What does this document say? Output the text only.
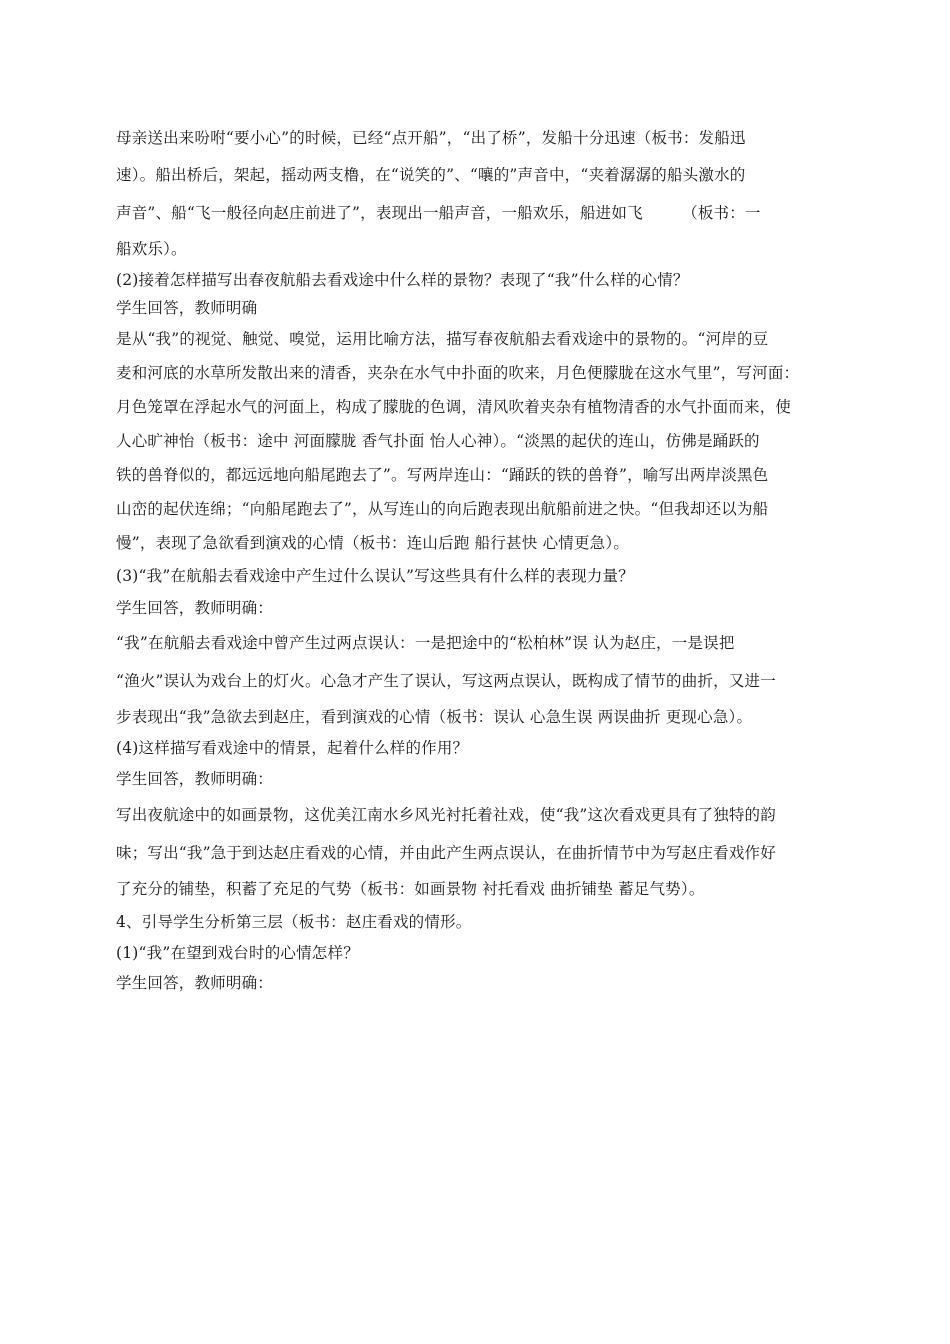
母亲送出来吩咐“要小心”的时候，已经“点开船”，“出了桥”，发船十分迅速（板书：发船迅
速）。船出桥后，架起，摇动两支橹，在“说笑的”、“嚷的”声音中，“夹着潺潺的船头激水的
声音”、船“飞一般径向赵庄前进了”，表现出一船声音，一船欢乐，船进如飞　　　（板书：一
船欢乐）。
(2)接着怎样描写出春夜航船去看戏途中什么样的景物？表现了“我”什么样的心情？
学生回答，教师明确
是从“我”的视觉、触觉、嗅觉，运用比喻方法，描写春夜航船去看戏途中的景物的。“河岸的豆
麦和河底的水草所发散出来的清香，夹杂在水气中扑面的吹来，月色便朦胧在这水气里”，写河面：
月色笼罩在浮起水气的河面上，构成了朦胧的色调，清风吹着夹杂有植物清香的水气扑面而来，使
人心旷神怡（板书：途中 河面朦胧 香气扑面 怡人心神）。“淡黑的起伏的连山，仿佛是踊跃的
铁的兽脊似的，都远远地向船尾跑去了”。写两岸连山：“踊跃的铁的兽脊”，喻写出两岸淡黑色
山峦的起伏连绵；“向船尾跑去了”，从写连山的向后跑表现出航船前进之快。“但我却还以为船
慢”，表现了急欲看到演戏的心情（板书：连山后跑 船行甚快 心情更急）。
(3)“我”在航船去看戏途中产生过什么误认”写这些具有什么样的表现力量？
学生回答，教师明确：
“我”在航船去看戏途中曾产生过两点误认：一是把途中的“松柏林”误 认为赵庄，一是误把
“渔火”误认为戏台上的灯火。心急才产生了误认，写这两点误认，既构成了情节的曲折，又进一
步表现出“我”急欲去到赵庄，看到演戏的心情（板书：误认 心急生误 两误曲折 更现心急）。
(4)这样描写看戏途中的情景，起着什么样的作用？
学生回答，教师明确：
写出夜航途中的如画景物，这优美江南水乡风光衬托着社戏，使“我”这次看戏更具有了独特的韵
味；写出“我”急于到达赵庄看戏的心情，并由此产生两点误认，在曲折情节中为写赵庄看戏作好
了充分的铺垫，积蓄了充足的气势（板书：如画景物 衬托看戏 曲折铺垫 蓄足气势）。
4、引导学生分析第三层（板书：赵庄看戏的情形。
(1)“我”在望到戏台时的心情怎样？
学生回答，教师明确：
